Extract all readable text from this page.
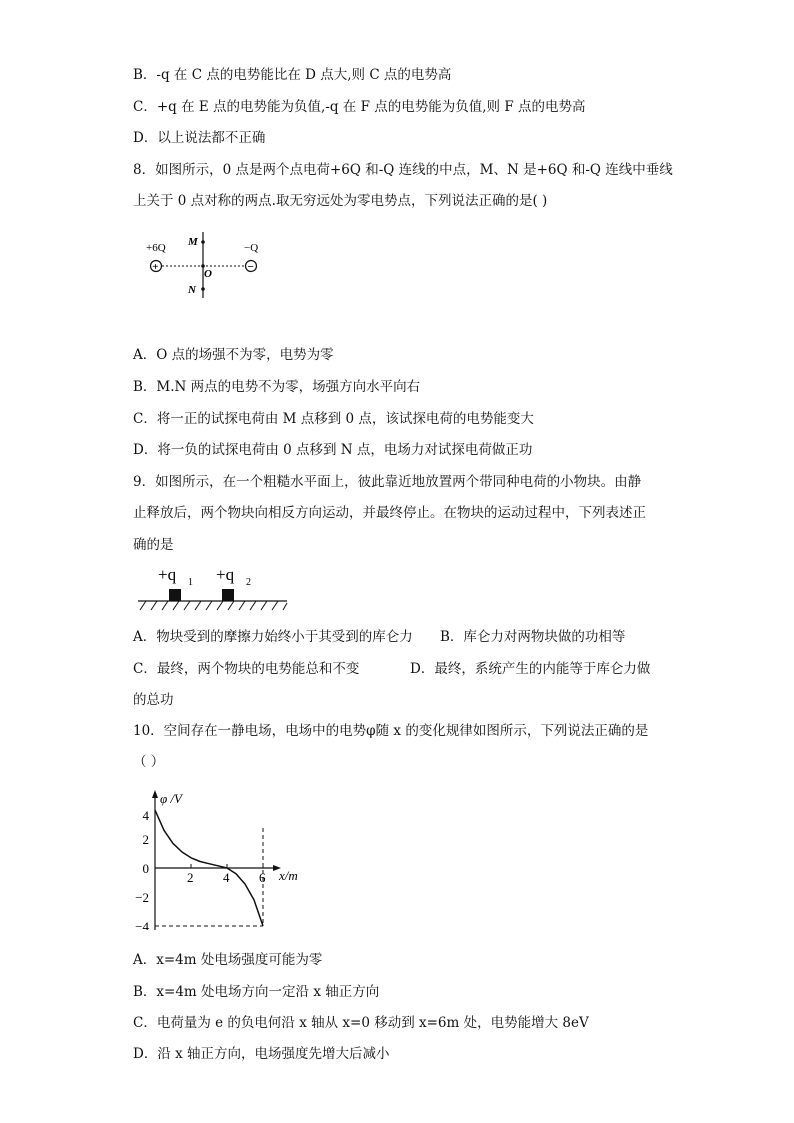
B．-q 在 C 点的电势能比在 D 点大,则 C 点的电势高
C．+q 在 E 点的电势能为负值,-q 在 F 点的电势能为负值,则 F 点的电势高
D．以上说法都不正确
8．如图所示，0 点是两个点电荷+6Q 和-Q 连线的中点，M、N 是+6Q 和-Q 连线中垂线
上关于 0 点对称的两点.取无穷远处为零电势点，下列说法正确的是( )
+6Q	−Q
+	−
M
O
N
A．O 点的场强不为零，电势为零
B．M.N 两点的电势不为零，场强方向水平向右
C．将一正的试探电荷由 M 点移到 0 点，该试探电荷的电势能变大
D．将一负的试探电荷由 0 点移到 N 点，电场力对试探电荷做正功
9．如图所示，在一个粗糙水平面上，彼此靠近地放置两个带同种电荷的小物块。由静
止释放后，两个物块向相反方向运动，并最终停止。在物块的运动过程中，下列表述正
确的是
+q 1 +q 2
A．物块受到的摩擦力始终小于其受到的库仑力 B．库仑力对两物块做的功相等
C．最终，两个物块的电势能总和不变	D．最终，系统产生的内能等于库仑力做
的总功
10．空间存在一静电场，电场中的电势φ随 x 的变化规律如图所示，下列说法正确的是
（ ）
φ /V
x/m
2 4 6
4
2
0
−2
−4
A．x=4m 处电场强度可能为零
B．x=4m 处电场方向一定沿 x 轴正方向
C．电荷量为 e 的负电何沿 x 轴从 x=0 移动到 x=6m 处，电势能增大 8eV
D．沿 x 轴正方向，电场强度先增大后减小
